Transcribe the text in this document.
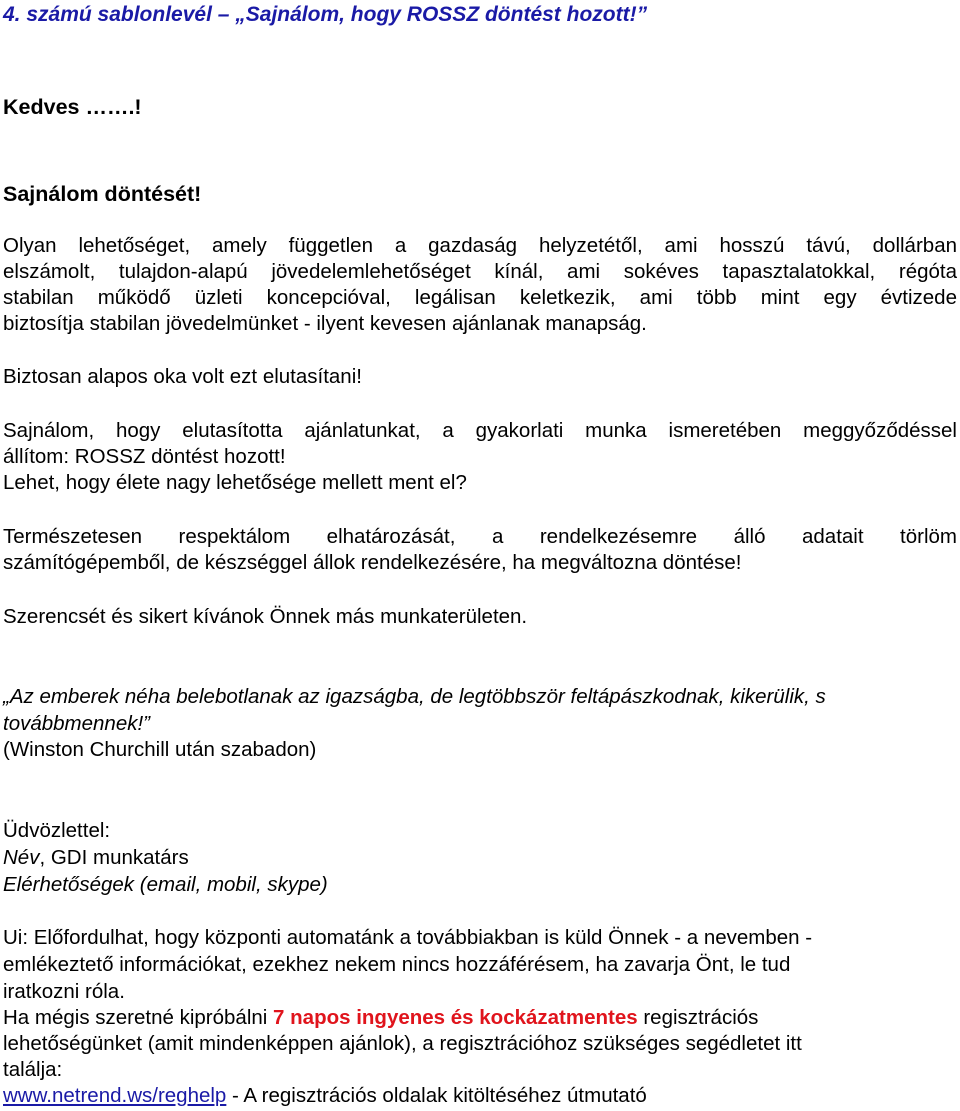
4. számú sablonlevél – „Sajnálom, hogy ROSSZ döntést hozott!”
Kedves …….!
Sajnálom döntését!
Olyan lehetőséget, amely független a gazdaság helyzetétől, ami hosszú távú, dollárban
elszámolt, tulajdon-alapú jövedelemlehetőséget kínál, ami sokéves tapasztalatokkal, régóta
stabilan működő üzleti koncepcióval, legálisan keletkezik, ami több mint egy évtizede
biztosítja stabilan jövedelmünket - ilyent kevesen ajánlanak manapság.
Biztosan alapos oka volt ezt elutasítani!
Sajnálom, hogy elutasította ajánlatunkat, a gyakorlati munka ismeretében meggyőződéssel
állítom: ROSSZ döntést hozott!
Lehet, hogy élete nagy lehetősége mellett ment el?
Természetesen respektálom elhatározását, a rendelkezésemre álló adatait törlöm
számítógépemből, de készséggel állok rendelkezésére, ha megváltozna döntése!
Szerencsét és sikert kívánok Önnek más munkaterületen.
„Az emberek néha belebotlanak az igazságba, de legtöbbször feltápászkodnak, kikerülik, s
továbbmennek!”
(Winston Churchill után szabadon)
Üdvözlettel:
Név, GDI munkatárs
Elérhetőségek (email, mobil, skype)
Ui: Előfordulhat, hogy központi automatánk a továbbiakban is küld Önnek - a nevemben -
emlékeztető információkat, ezekhez nekem nincs hozzáférésem, ha zavarja Önt, le tud
iratkozni róla.
Ha mégis szeretné kipróbálni 7 napos ingyenes és kockázatmentes regisztrációs
lehetőségünket (amit mindenképpen ajánlok), a regisztrációhoz szükséges segédletet itt
találja:
www.netrend.ws/reghelp - A regisztrációs oldalak kitöltéséhez útmutató
